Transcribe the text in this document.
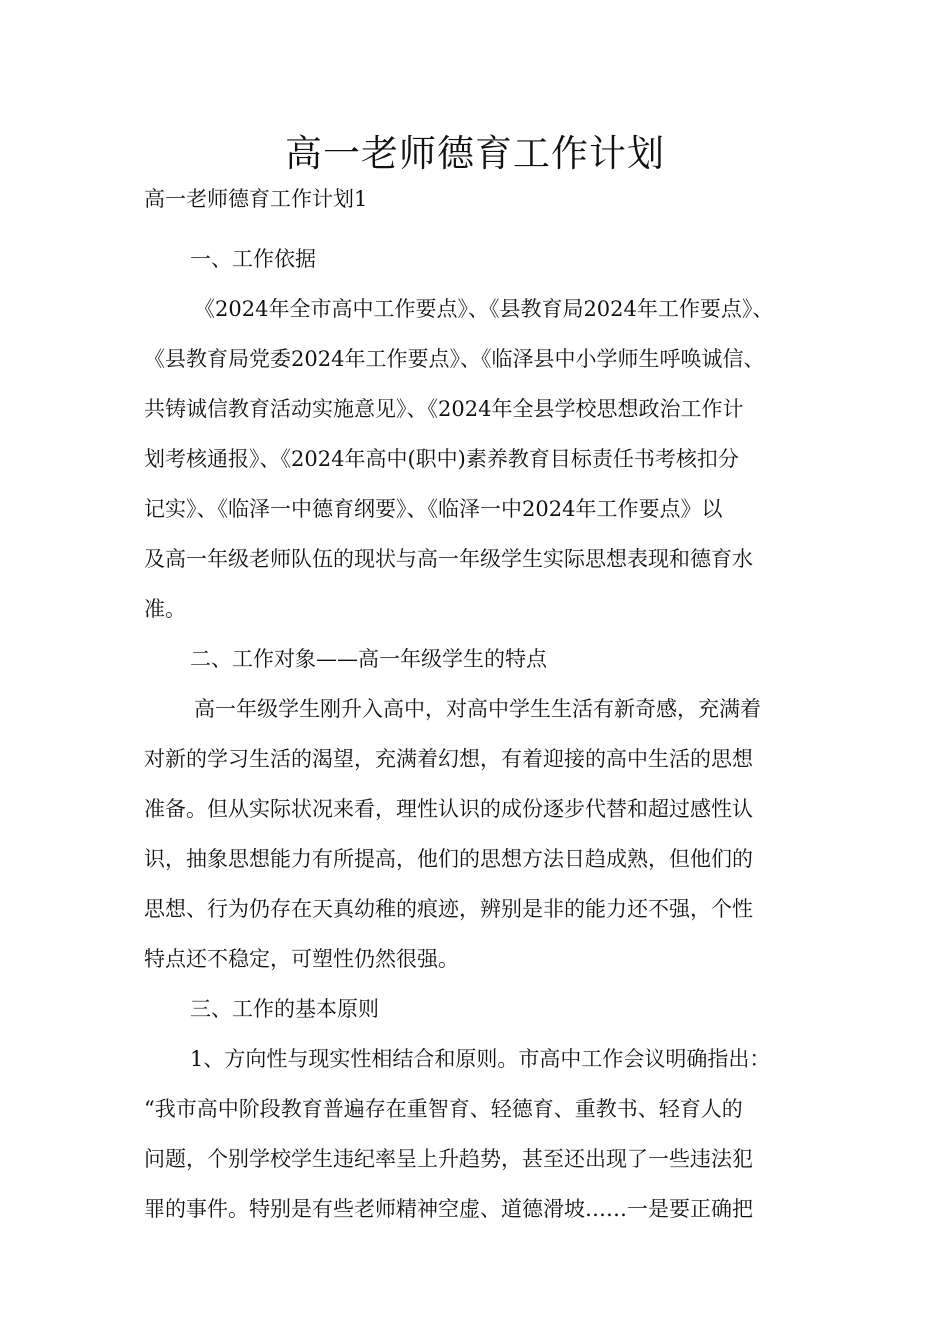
高一老师德育工作计划

高一老师德育工作计划1

一、工作依据

《2024年全市高中工作要点》、《县教育局2024年工作要点》、

《县教育局党委2024年工作要点》、《临泽县中小学师生呼唤诚信、

共铸诚信教育活动实施意见》、《2024年全县学校思想政治工作计

划考核通报》、《2024年高中(职中)素养教育目标责任书考核扣分

记实》、《临泽一中德育纲要》、《临泽一中2024年工作要点》以

及高一年级老师队伍的现状与高一年级学生实际思想表现和德育水

准。

二、工作对象——高一年级学生的特点

高一年级学生刚升入高中，对高中学生生活有新奇感，充满着

对新的学习生活的渴望，充满着幻想，有着迎接的高中生活的思想

准备。但从实际状况来看，理性认识的成份逐步代替和超过感性认

识，抽象思想能力有所提高，他们的思想方法日趋成熟，但他们的

思想、行为仍存在天真幼稚的痕迹，辨别是非的能力还不强，个性

特点还不稳定，可塑性仍然很强。

三、工作的基本原则

1、方向性与现实性相结合和原则。市高中工作会议明确指出：

“我市高中阶段教育普遍存在重智育、轻德育、重教书、轻育人的

问题，个别学校学生违纪率呈上升趋势，甚至还出现了一些违法犯

罪的事件。特别是有些老师精神空虚、道德滑坡……一是要正确把
